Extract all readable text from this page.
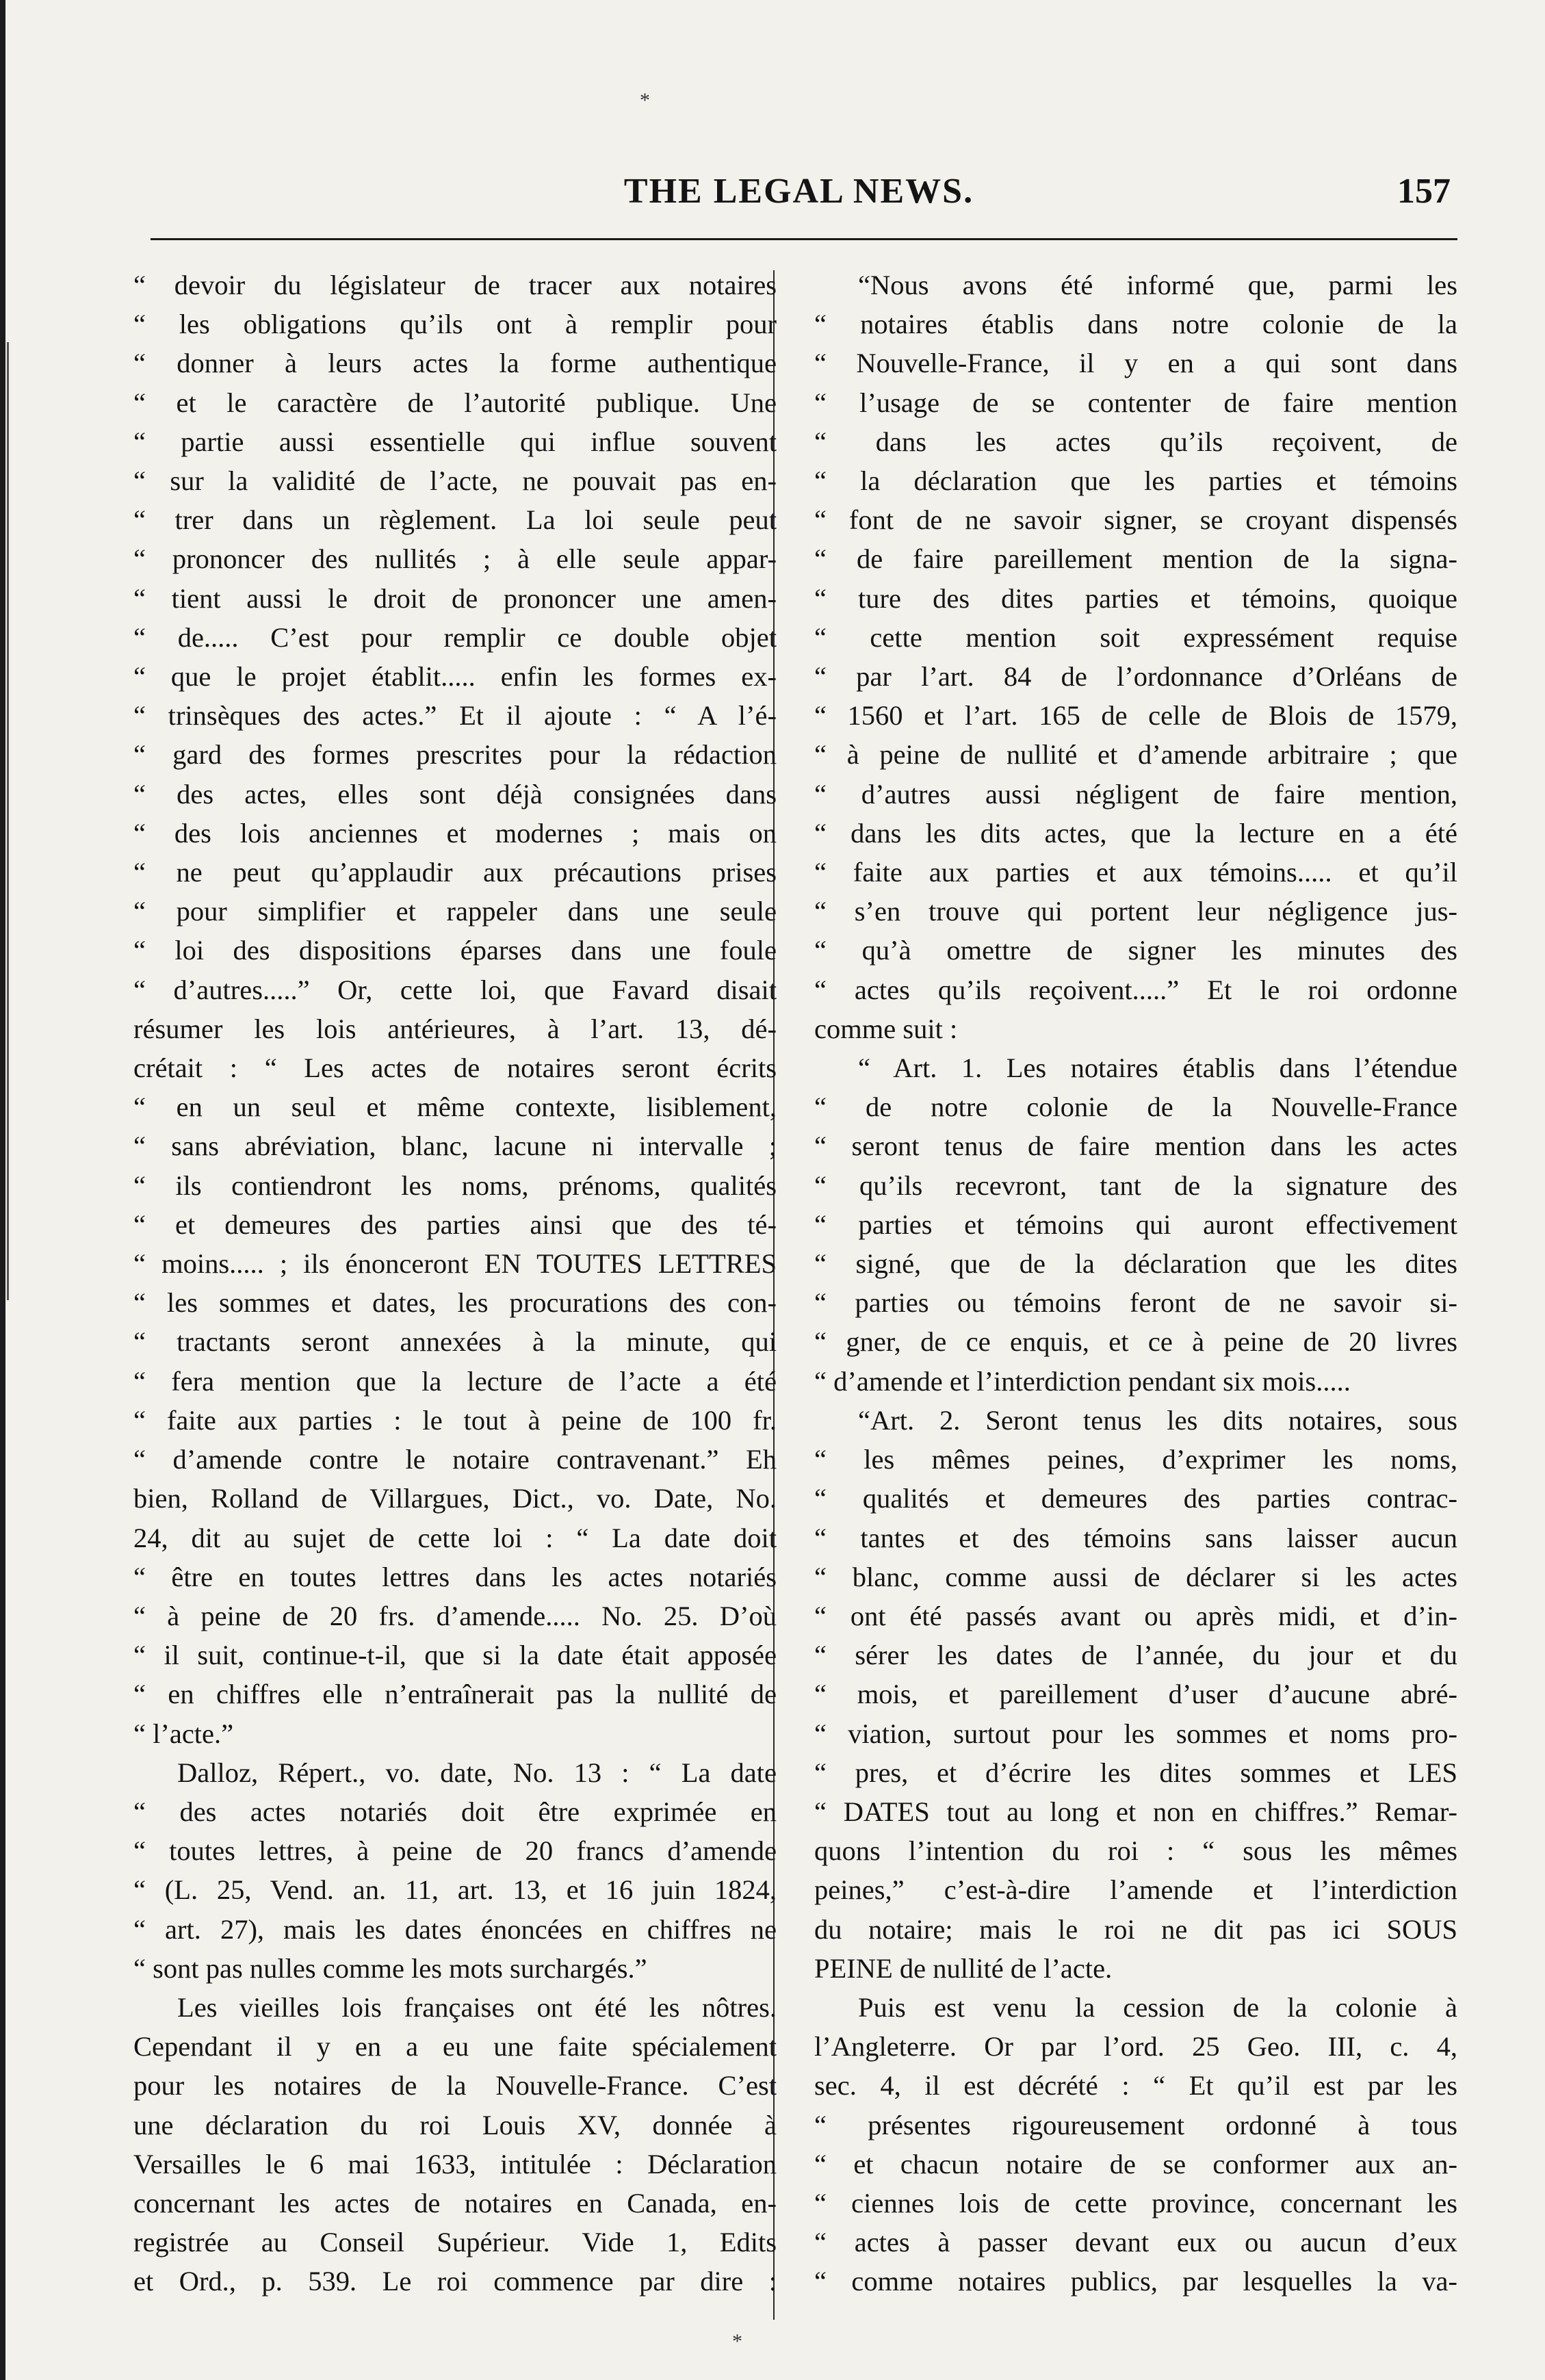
*
THE LEGAL NEWS.	157

“ devoir du législateur de tracer aux notaires

“ les obligations qu’ils ont à remplir pour

“ donner à leurs actes la forme authentique

“ et le caractère de l’autorité publique. Une

“ partie aussi essentielle qui influe souvent

“ sur la validité de l’acte, ne pouvait pas en-

“ trer dans un règlement. La loi seule peut

“ prononcer des nullités ; à elle seule appar-

“ tient aussi le droit de prononcer une amen-

“ de..... C’est pour remplir ce double objet

“ que le projet établit..... enfin les formes ex-

“ trinsèques des actes.” Et il ajoute : “ A l’é-

“ gard des formes prescrites pour la rédaction

“ des actes, elles sont déjà consignées dans

“ des lois anciennes et modernes ; mais on

“ ne peut qu’applaudir aux précautions prises

“ pour simplifier et rappeler dans une seule

“ loi des dispositions éparses dans une foule

“ d’autres.....” Or, cette loi, que Favard disait

résumer les lois antérieures, à l’art. 13, dé-

crétait : “ Les actes de notaires seront écrits

“ en un seul et même contexte, lisiblement,

“ sans abréviation, blanc, lacune ni intervalle ;

“ ils contiendront les noms, prénoms, qualités

“ et demeures des parties ainsi que des té-

“ moins..... ; ils énonceront EN TOUTES LETTRES

“ les sommes et dates, les procurations des con-

“ tractants seront annexées à la minute, qui

“ fera mention que la lecture de l’acte a été

“ faite aux parties : le tout à peine de 100 fr.

“ d’amende contre le notaire contravenant.” Eh

bien, Rolland de Villargues, Dict., vo. Date, No.

24, dit au sujet de cette loi : “ La date doit

“ être en toutes lettres dans les actes notariés

“ à peine de 20 frs. d’amende..... No. 25. D’où

“ il suit, continue-t-il, que si la date était apposée

“ en chiffres elle n’entraînerait pas la nullité de

“ l’acte.”

Dalloz, Répert., vo. date, No. 13 : “ La date

“ des actes notariés doit être exprimée en

“ toutes lettres, à peine de 20 francs d’amende

“ (L. 25, Vend. an. 11, art. 13, et 16 juin 1824,

“ art. 27), mais les dates énoncées en chiffres ne

“ sont pas nulles comme les mots surchargés.”

Les vieilles lois françaises ont été les nôtres.

Cependant il y en a eu une faite spécialement

pour les notaires de la Nouvelle-France. C’est

une déclaration du roi Louis XV, donnée à

Versailles le 6 mai 1633, intitulée : Déclaration

concernant les actes de notaires en Canada, en-

registrée au Conseil Supérieur. Vide 1, Edits

et Ord., p. 539. Le roi commence par dire :

“Nous avons été informé que, parmi les

“ notaires établis dans notre colonie de la

“ Nouvelle-France, il y en a qui sont dans

“ l’usage de se contenter de faire mention

“ dans les actes qu’ils reçoivent, de

“ la déclaration que les parties et témoins

“ font de ne savoir signer, se croyant dispensés

“ de faire pareillement mention de la signa-

“ ture des dites parties et témoins, quoique

“ cette mention soit expressément requise

“ par l’art. 84 de l’ordonnance d’Orléans de

“ 1560 et l’art. 165 de celle de Blois de 1579,

“ à peine de nullité et d’amende arbitraire ; que

“ d’autres aussi négligent de faire mention,

“ dans les dits actes, que la lecture en a été

“ faite aux parties et aux témoins..... et qu’il

“ s’en trouve qui portent leur négligence jus-

“ qu’à omettre de signer les minutes des

“ actes qu’ils reçoivent.....” Et le roi ordonne

comme suit :

“ Art. 1. Les notaires établis dans l’étendue

“ de notre colonie de la Nouvelle-France

“ seront tenus de faire mention dans les actes

“ qu’ils recevront, tant de la signature des

“ parties et témoins qui auront effectivement

“ signé, que de la déclaration que les dites

“ parties ou témoins feront de ne savoir si-

“ gner, de ce enquis, et ce à peine de 20 livres

“ d’amende et l’interdiction pendant six mois.....

“Art. 2. Seront tenus les dits notaires, sous

“ les mêmes peines, d’exprimer les noms,

“ qualités et demeures des parties contrac-

“ tantes et des témoins sans laisser aucun

“ blanc, comme aussi de déclarer si les actes

“ ont été passés avant ou après midi, et d’in-

“ sérer les dates de l’année, du jour et du

“ mois, et pareillement d’user d’aucune abré-

“ viation, surtout pour les sommes et noms pro-

“ pres, et d’écrire les dites sommes et LES

“ DATES tout au long et non en chiffres.” Remar-

quons l’intention du roi : “ sous les mêmes

peines,” c’est-à-dire l’amende et l’interdiction

du notaire; mais le roi ne dit pas ici SOUS

PEINE de nullité de l’acte.

Puis est venu la cession de la colonie à

l’Angleterre. Or par l’ord. 25 Geo. III, c. 4,

sec. 4, il est décrété : “ Et qu’il est par les

“ présentes rigoureusement ordonné à tous

“ et chacun notaire de se conformer aux an-

“ ciennes lois de cette province, concernant les

“ actes à passer devant eux ou aucun d’eux

“ comme notaires publics, par lesquelles la va-

*
